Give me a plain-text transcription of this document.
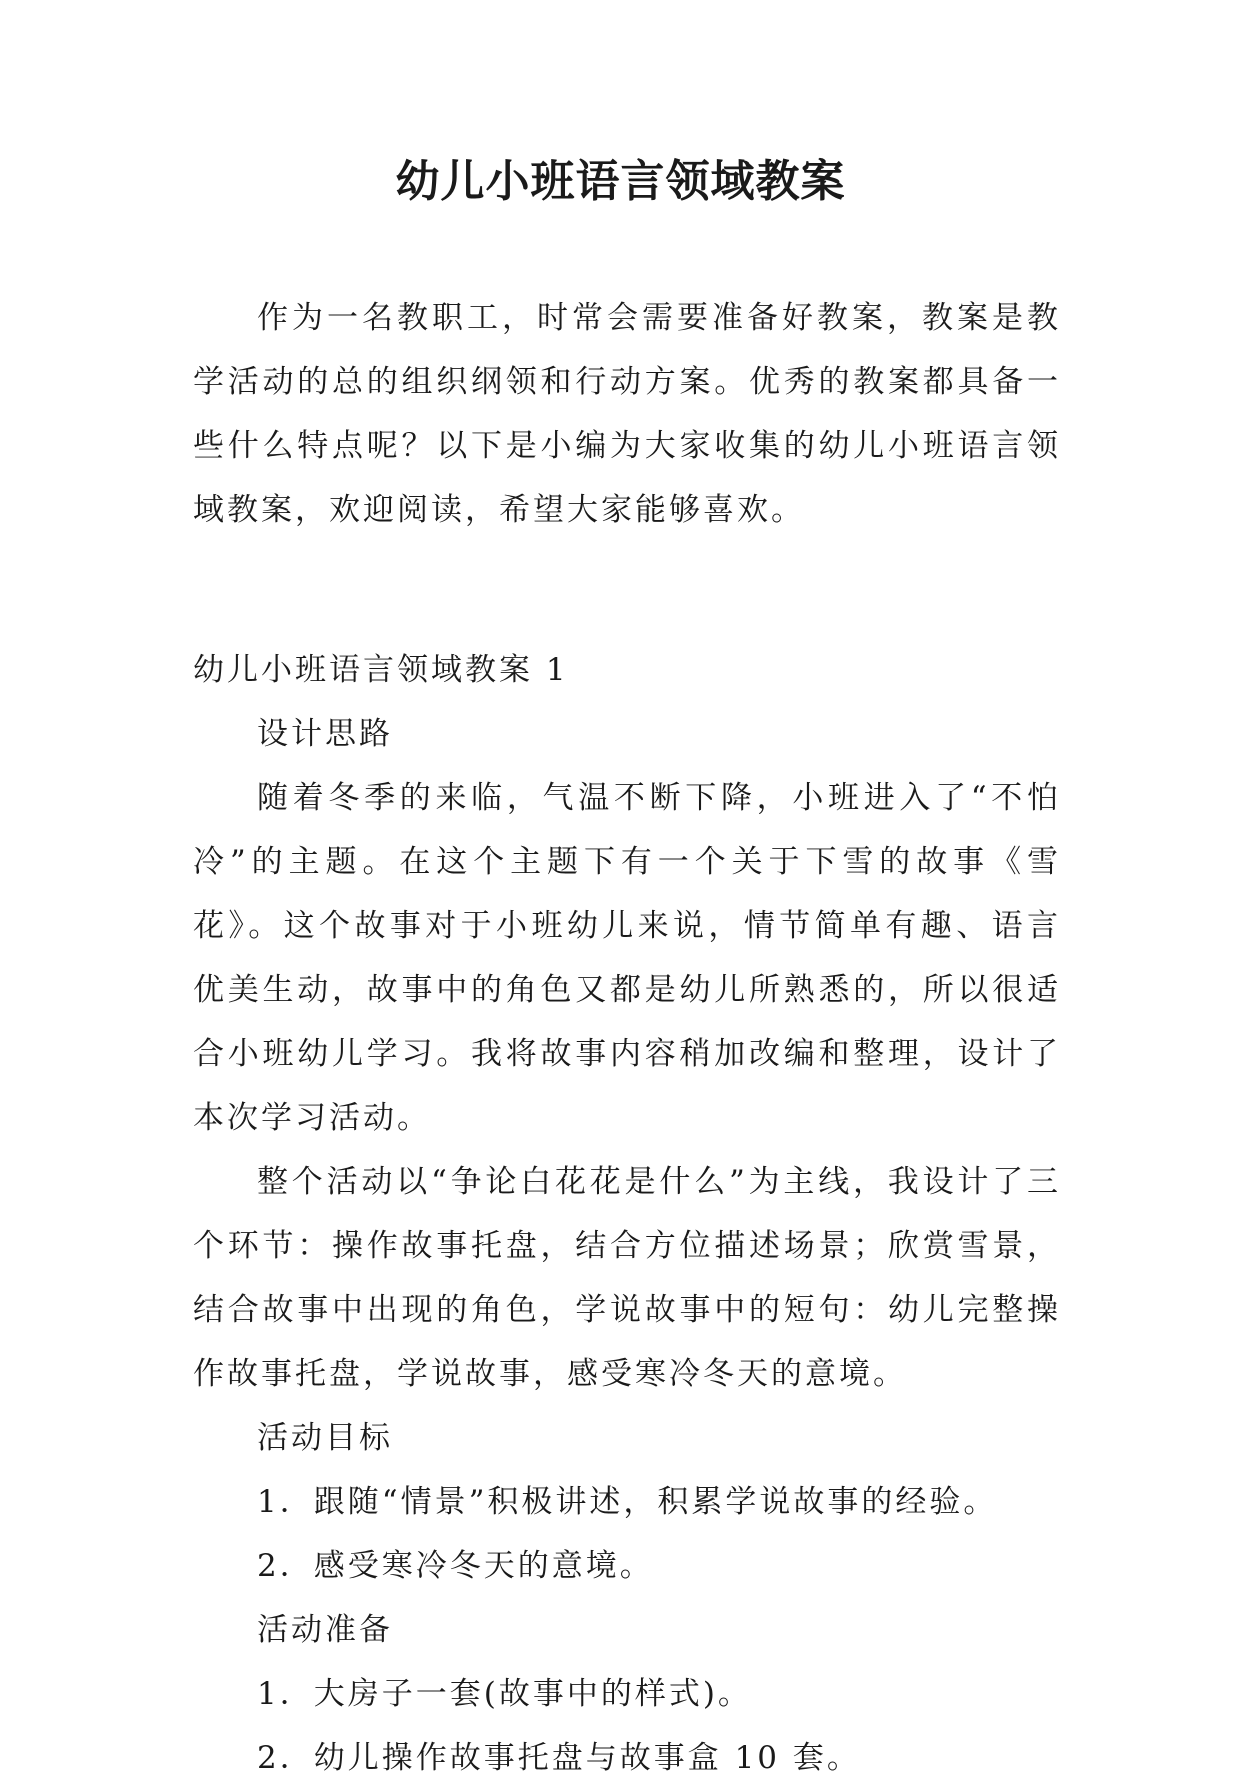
幼儿小班语言领域教案

作为一名教职工，时常会需要准备好教案，教案是教学活动的总的组织纲领和行动方案。优秀的教案都具备一些什么特点呢？以下是小编为大家收集的幼儿小班语言领域教案，欢迎阅读，希望大家能够喜欢。

幼儿小班语言领域教案 1

设计思路

随着冬季的来临，气温不断下降，小班进入了“不怕冷”的主题。在这个主题下有一个关于下雪的故事《雪花》。这个故事对于小班幼儿来说，情节简单有趣、语言优美生动，故事中的角色又都是幼儿所熟悉的，所以很适合小班幼儿学习。我将故事内容稍加改编和整理，设计了本次学习活动。

整个活动以“争论白花花是什么”为主线，我设计了三个环节：操作故事托盘，结合方位描述场景；欣赏雪景，结合故事中出现的角色，学说故事中的短句：幼儿完整操作故事托盘，学说故事，感受寒冷冬天的意境。

活动目标

1．跟随“情景”积极讲述，积累学说故事的经验。

2．感受寒冷冬天的意境。

活动准备

1．大房子一套(故事中的样式)。

2．幼儿操作故事托盘与故事盒 10 套。
